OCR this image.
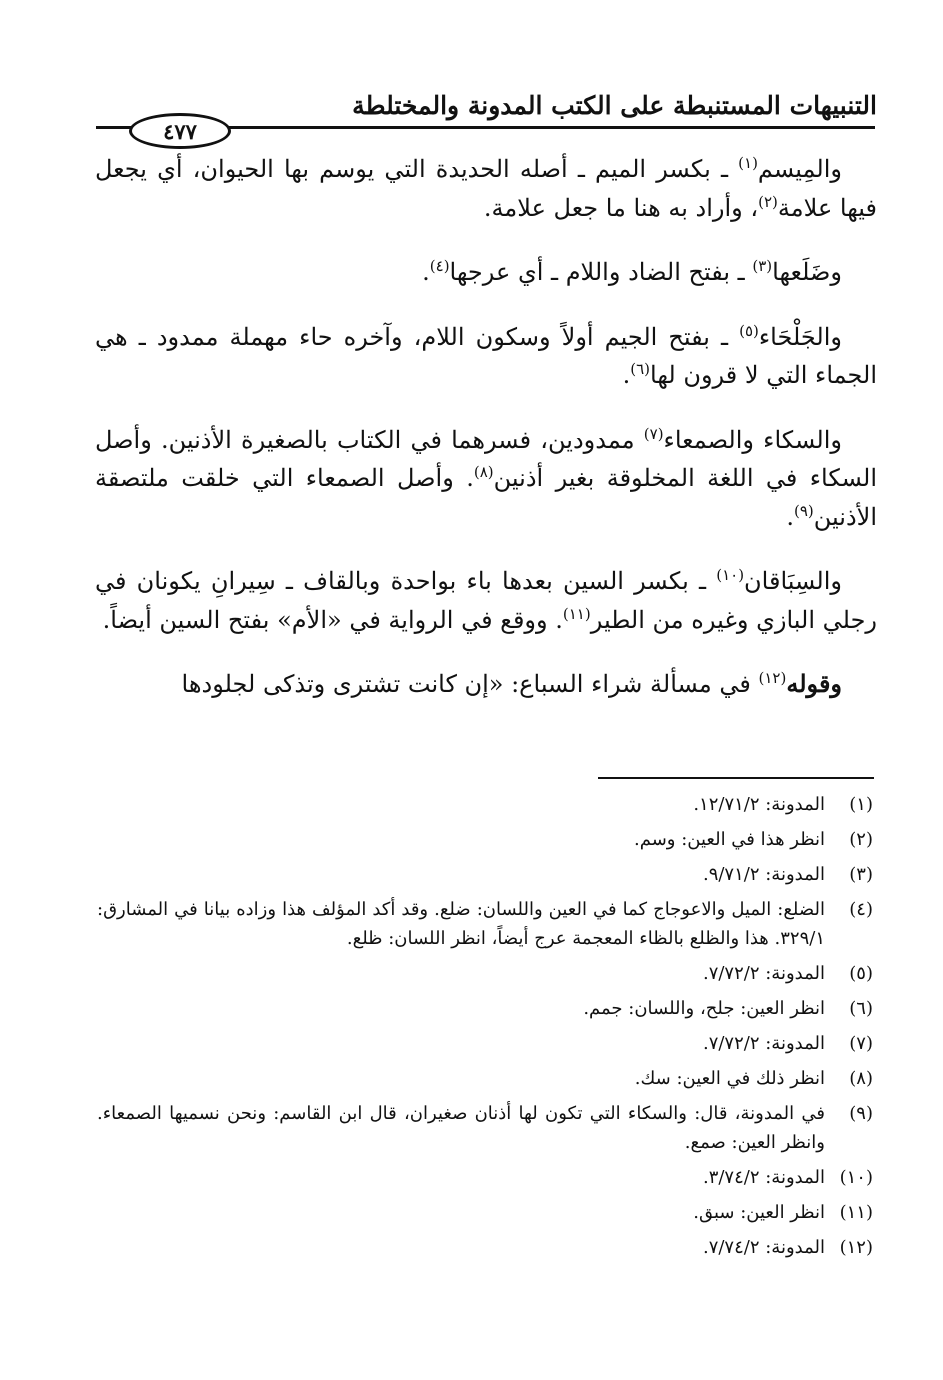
التنبيهات المستنبطة على الكتب المدونة والمختلطة
٤٧٧

والمِيسم$^{(١)}$ ـ بكسر الميم ـ أصله الحديدة التي يوسم بها الحيوان، أي يجعل فيها علامة$^{(٢)}$، وأراد به هنا ما جعل علامة.

وضَلَعها$^{(٣)}$ ـ بفتح الضاد واللام ـ أي عرجها$^{(٤)}$.

والجَلْحَاء$^{(٥)}$ ـ بفتح الجيم أولاً وسكون اللام، وآخره حاء مهملة ممدود ـ هي الجماء التي لا قرون لها$^{(٦)}$.

والسكاء والصمعاء$^{(٧)}$ ممدودين، فسرهما في الكتاب بالصغيرة الأذنين. وأصل السكاء في اللغة المخلوقة بغير أذنين$^{(٨)}$. وأصل الصمعاء التي خلقت ملتصقة الأذنين$^{(٩)}$.

والسِبَاقان$^{(١٠)}$ ـ بكسر السين بعدها باء بواحدة وبالقاف ـ سِيرانِ يكونان في رجلي البازي وغيره من الطير$^{(١١)}$. ووقع في الرواية في «الأم» بفتح السين أيضاً.

وقوله$^{(١٢)}$ في مسألة شراء السباع: «إن كانت تشترى وتذكى لجلودها

(١)
المدونة: ١٢/٧١/٢.
(٢)
انظر هذا في العين: وسم.
(٣)
المدونة: ٩/٧١/٢.
(٤)
الضلع: الميل والاعوجاج كما في العين واللسان: ضلع. وقد أكد المؤلف هذا وزاده بيانا في المشارق: ٣٢٩/١. هذا والظلع بالظاء المعجمة عرج أيضاً، انظر اللسان: ظلع.
(٥)
المدونة: ٧/٧٢/٢.
(٦)
انظر العين: جلح، واللسان: جمم.
(٧)
المدونة: ٧/٧٢/٢.
(٨)
انظر ذلك في العين: سك.
(٩)
في المدونة، قال: والسكاء التي تكون لها أذنان صغيران، قال ابن القاسم: ونحن نسميها الصمعاء. وانظر العين: صمع.
(١٠)
المدونة: ٣/٧٤/٢.
(١١)
انظر العين: سبق.
(١٢)
المدونة: ٧/٧٤/٢.
